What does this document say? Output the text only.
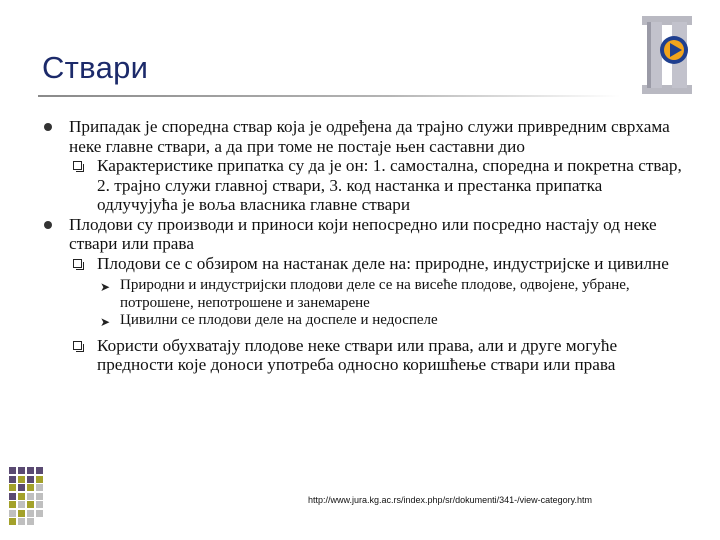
Ствари
Припадак је споредна ствар која је одређена да трајно служи привредним сврхама неке главне ствари, а да при томе не постаје њен саставни дио
Карактеристике припатка су да је он: 1. самостална, споредна и покретна ствар, 2. трајно служи главној ствари, 3. код настанка и престанка припатка одлучујућа је воља власника главне ствари
Плодови су производи и приноси који непосредно или посредно настају од неке ствари или права
Плодови се с обзиром на настанак деле на: природне, индустријске и цивилне
➤ Природни и индустријски плодови деле се на висеће плодове, одвојене, убране, потрошене, непотрошене и занемарене
➤ Цивилни се плодови деле на доспеле и недоспеле
Користи обухватају плодове неке ствари или права, али и друге могуће предности које доноси употреба односно коришћење ствари или права
http://www.jura.kg.ac.rs/index.php/sr/dokumenti/341-/view-category.htm
